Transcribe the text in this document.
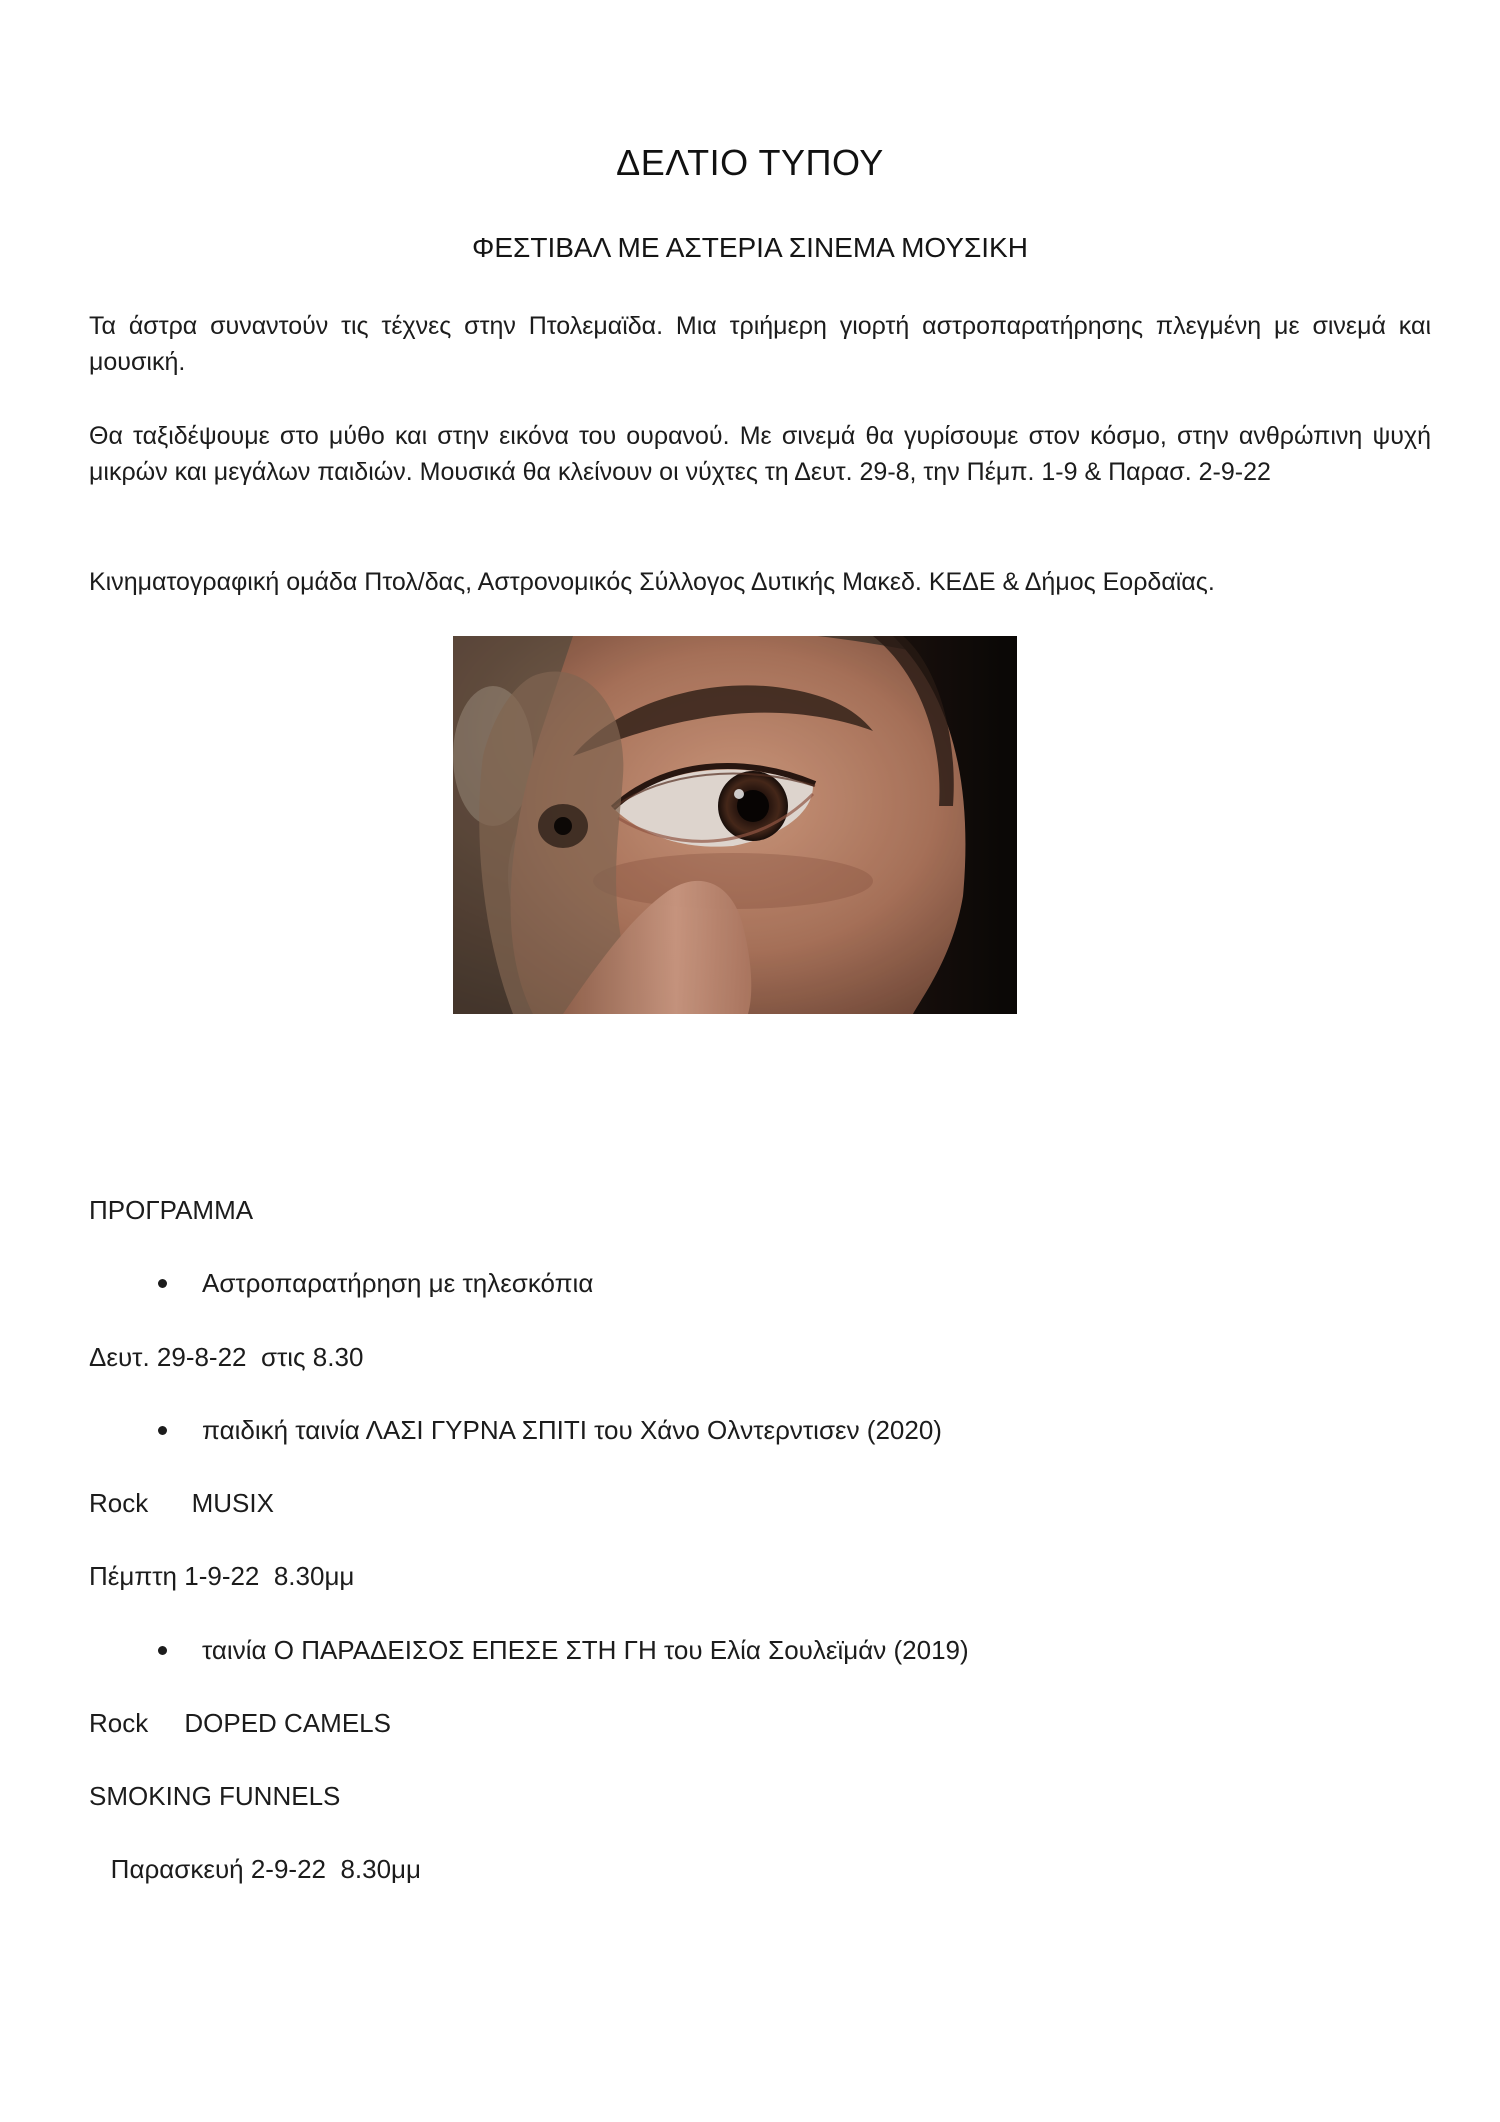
ΔΕΛΤΙΟ ΤΥΠΟΥ
ΦΕΣΤΙΒΑΛ ΜΕ ΑΣΤΕΡΙΑ ΣΙΝΕΜΑ ΜΟΥΣΙΚΗ
Τα άστρα συναντούν τις τέχνες στην Πτολεμαϊδα. Μια τριήμερη γιορτή αστροπαρατήρησης πλεγμένη με σινεμά και μουσική.
Θα ταξιδέψουμε στο μύθο και στην εικόνα του ουρανού. Με σινεμά θα γυρίσουμε στον κόσμο, στην ανθρώπινη ψυχή μικρών και μεγάλων παιδιών. Μουσικά θα κλείνουν οι νύχτες τη Δευτ. 29-8, την Πέμπ. 1-9 & Παρασ. 2-9-22
Κινηματογραφική ομάδα Πτολ/δας, Αστρονομικός Σύλλογος Δυτικής Μακεδ. ΚΕΔΕ & Δήμος Εορδαϊας.
ΠΡΟΓΡΑΜΜΑ
Αστροπαρατήρηση με τηλεσκόπια
Δευτ. 29-8-22  στις 8.30
παιδική ταινία ΛΑΣΙ ΓΥΡΝΑ ΣΠΙΤΙ του Χάνο Ολντερντισεν (2020)
Rock      MUSIX
Πέμπτη 1-9-22  8.30μμ
ταινία Ο ΠΑΡΑΔΕΙΣΟΣ ΕΠΕΣΕ ΣΤΗ ΓΗ του Ελία Σουλεϊμάν (2019)
Rock     DOPED CAMELS
SMOKING FUNNELS
Παρασκευή 2-9-22  8.30μμ
